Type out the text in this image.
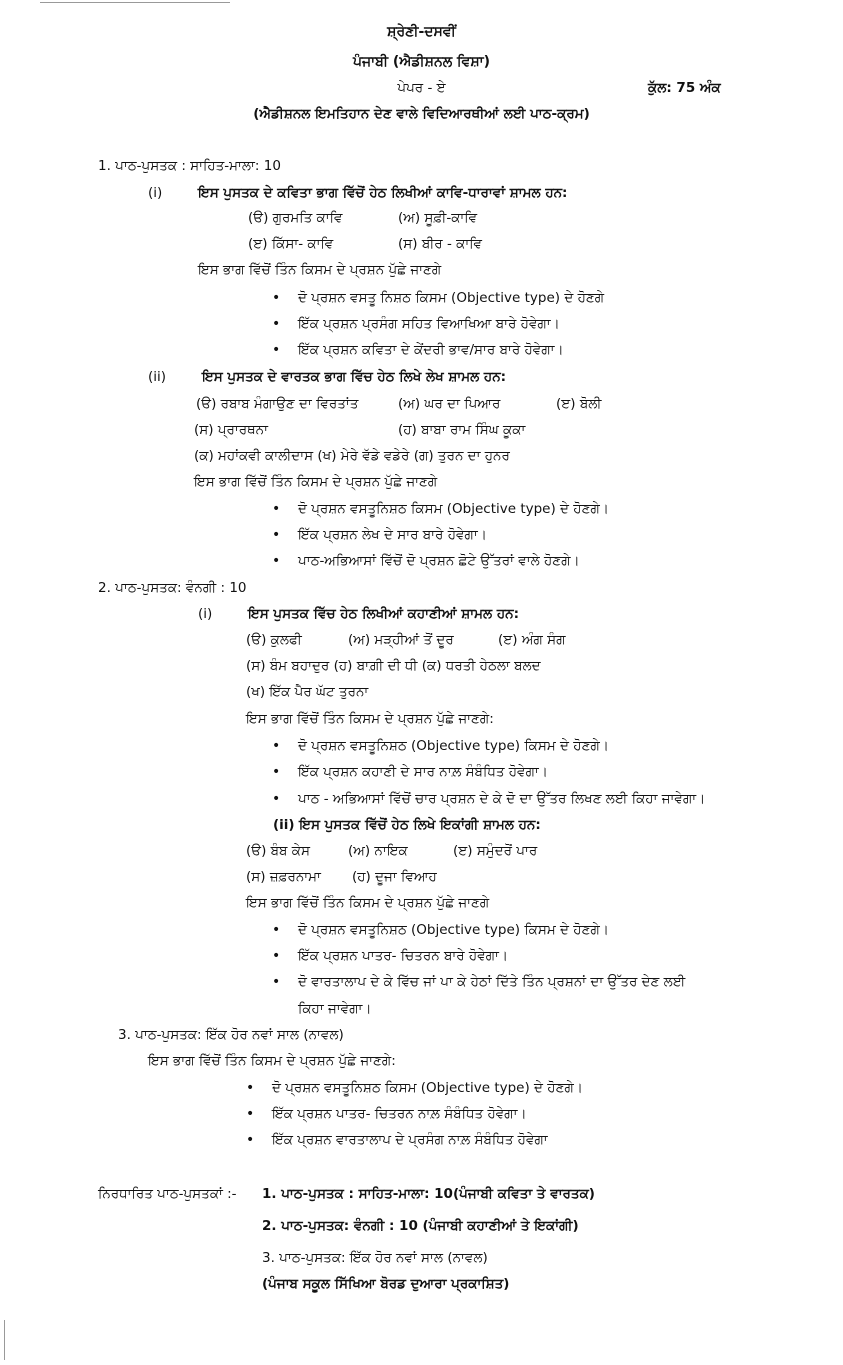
ਸ਼੍ਰੇਣੀ-ਦਸਵੀਂ
ਪੰਜਾਬੀ (ਐਡੀਸ਼ਨਲ ਵਿਸ਼ਾ)
ਪੇਪਰ - ਏ	ਕੁੱਲ: 75 ਅੰਕ
(ਐਡੀਸ਼ਨਲ ਇਮਤਿਹਾਨ ਦੇਣ ਵਾਲੇ ਵਿਦਿਆਰਥੀਆਂ ਲਈ ਪਾਠ-ਕ੍ਰਮ)
1. ਪਾਠ-ਪੁਸਤਕ : ਸਾਹਿਤ-ਮਾਲਾ: 10
(i)	ਇਸ ਪੁਸਤਕ ਦੇ ਕਵਿਤਾ ਭਾਗ ਵਿੱਚੋਂ ਹੇਠ ਲਿਖੀਆਂ ਕਾਵਿ-ਧਾਰਾਵਾਂ ਸ਼ਾਮਲ ਹਨ:
(ੳ) ਗੁਰਮਤਿ ਕਾਵਿ	(ਅ) ਸੂਫ਼ੀ-ਕਾਵਿ
(ੲ) ਕਿੱਸਾ- ਕਾਵਿ	(ਸ) ਬੀਰ - ਕਾਵਿ
ਇਸ ਭਾਗ ਵਿੱਚੋਂ ਤਿੰਨ ਕਿਸਮ ਦੇ ਪ੍ਰਸ਼ਨ ਪੁੱਛੇ ਜਾਣਗੇ
• ਦੋ ਪ੍ਰਸ਼ਨ ਵਸਤੂ ਨਿਸ਼ਠ ਕਿਸਮ (Objective type) ਦੇ ਹੋਣਗੇ
• ਇੱਕ ਪ੍ਰਸ਼ਨ ਪ੍ਰਸੰਗ ਸਹਿਤ ਵਿਆਖਿਆ ਬਾਰੇ ਹੋਵੇਗਾ।
• ਇੱਕ ਪ੍ਰਸ਼ਨ ਕਵਿਤਾ ਦੇ ਕੇਂਦਰੀ ਭਾਵ/ਸਾਰ ਬਾਰੇ ਹੋਵੇਗਾ।
(ii)	ਇਸ ਪੁਸਤਕ ਦੇ ਵਾਰਤਕ ਭਾਗ ਵਿੱਚ ਹੇਠ ਲਿਖੇ ਲੇਖ ਸ਼ਾਮਲ ਹਨ:
(ੳ) ਰਬਾਬ ਮੰਗਾਉਣ ਦਾ ਵਿਰਤਾਂਤ	(ਅ) ਘਰ ਦਾ ਪਿਆਰ	(ੲ) ਬੋਲੀ
(ਸ) ਪ੍ਰਾਰਥਨਾ	(ਹ) ਬਾਬਾ ਰਾਮ ਸਿੰਘ ਕੂਕਾ
(ਕ) ਮਹਾਂਕਵੀ ਕਾਲੀਦਾਸ (ਖ) ਮੇਰੇ ਵੱਡੇ ਵਡੇਰੇ (ਗ) ਤੁਰਨ ਦਾ ਹੁਨਰ
ਇਸ ਭਾਗ ਵਿੱਚੋਂ ਤਿੰਨ ਕਿਸਮ ਦੇ ਪ੍ਰਸ਼ਨ ਪੁੱਛੇ ਜਾਣਗੇ
• ਦੋ ਪ੍ਰਸ਼ਨ ਵਸਤੂਨਿਸ਼ਠ ਕਿਸਮ (Objective type) ਦੇ ਹੋਣਗੇ।
• ਇੱਕ ਪ੍ਰਸ਼ਨ ਲੇਖ ਦੇ ਸਾਰ ਬਾਰੇ ਹੋਵੇਗਾ।
• ਪਾਠ-ਅਭਿਆਸਾਂ ਵਿੱਚੋਂ ਦੋ ਪ੍ਰਸ਼ਨ ਛੋਟੇ ਉੱਤਰਾਂ ਵਾਲੇ ਹੋਣਗੇ।
2. ਪਾਠ-ਪੁਸਤਕ: ਵੰਨਗੀ : 10
(i)	ਇਸ ਪੁਸਤਕ ਵਿੱਚ ਹੇਠ ਲਿਖੀਆਂ ਕਹਾਣੀਆਂ ਸ਼ਾਮਲ ਹਨ:
(ੳ) ਕੁਲਫੀ	(ਅ) ਮੜ੍ਹੀਆਂ ਤੋਂ ਦੂਰ	(ੲ) ਅੰਗ ਸੰਗ
(ਸ) ਬੰਮ ਬਹਾਦੁਰ (ਹ) ਬਾਗ਼ੀ ਦੀ ਧੀ (ਕ) ਧਰਤੀ ਹੇਠਲਾ ਬਲਦ
(ਖ) ਇੱਕ ਪੈਰ ਘੱਟ ਤੁਰਨਾ
ਇਸ ਭਾਗ ਵਿੱਚੋਂ ਤਿੰਨ ਕਿਸਮ ਦੇ ਪ੍ਰਸ਼ਨ ਪੁੱਛੇ ਜਾਣਗੇ:
• ਦੋ ਪ੍ਰਸ਼ਨ ਵਸਤੂਨਿਸ਼ਠ (Objective type) ਕਿਸਮ ਦੇ ਹੋਣਗੇ।
• ਇੱਕ ਪ੍ਰਸ਼ਨ ਕਹਾਣੀ ਦੇ ਸਾਰ ਨਾਲ਼ ਸੰਬੰਧਿਤ ਹੋਵੇਗਾ।
• ਪਾਠ - ਅਭਿਆਸਾਂ ਵਿੱਚੋਂ ਚਾਰ ਪ੍ਰਸ਼ਨ ਦੇ ਕੇ ਦੋ ਦਾ ਉੱਤਰ ਲਿਖਣ ਲਈ ਕਿਹਾ ਜਾਵੇਗਾ।
(ii) ਇਸ ਪੁਸਤਕ ਵਿੱਚੋਂ ਹੇਠ ਲਿਖੇ ਇਕਾਂਗੀ ਸ਼ਾਮਲ ਹਨ:
(ੳ) ਬੰਬ ਕੇਸ	(ਅ) ਨਾਇਕ	(ੲ) ਸਮੁੰਦਰੋਂ ਪਾਰ
(ਸ) ਜ਼ਫ਼ਰਨਾਮਾ (ਹ) ਦੂਜਾ ਵਿਆਹ
ਇਸ ਭਾਗ ਵਿੱਚੋਂ ਤਿੰਨ ਕਿਸਮ ਦੇ ਪ੍ਰਸ਼ਨ ਪੁੱਛੇ ਜਾਣਗੇ
• ਦੋ ਪ੍ਰਸ਼ਨ ਵਸਤੂਨਿਸ਼ਠ (Objective type) ਕਿਸਮ ਦੇ ਹੋਣਗੇ।
• ਇੱਕ ਪ੍ਰਸ਼ਨ ਪਾਤਰ- ਚਿਤਰਨ ਬਾਰੇ ਹੋਵੇਗਾ।
• ਦੋ ਵਾਰਤਾਲਾਪ ਦੇ ਕੇ ਵਿੱਚ ਜਾਂ ਪਾ ਕੇ ਹੇਠਾਂ ਦਿੱਤੇ ਤਿੰਨ ਪ੍ਰਸ਼ਨਾਂ ਦਾ ਉੱਤਰ ਦੇਣ ਲਈ
ਕਿਹਾ ਜਾਵੇਗਾ।
3. ਪਾਠ-ਪੁਸਤਕ: ਇੱਕ ਹੋਰ ਨਵਾਂ ਸਾਲ (ਨਾਵਲ)
ਇਸ ਭਾਗ ਵਿੱਚੋਂ ਤਿੰਨ ਕਿਸਮ ਦੇ ਪ੍ਰਸ਼ਨ ਪੁੱਛੇ ਜਾਣਗੇ:
• ਦੋ ਪ੍ਰਸ਼ਨ ਵਸਤੂਨਿਸ਼ਠ ਕਿਸਮ (Objective type) ਦੇ ਹੋਣਗੇ।
• ਇੱਕ ਪ੍ਰਸ਼ਨ ਪਾਤਰ- ਚਿਤਰਨ ਨਾਲ਼ ਸੰਬੰਧਿਤ ਹੋਵੇਗਾ।
• ਇੱਕ ਪ੍ਰਸ਼ਨ ਵਾਰਤਾਲਾਪ ਦੇ ਪ੍ਰਸੰਗ ਨਾਲ਼ ਸੰਬੰਧਿਤ ਹੋਵੇਗਾ
ਨਿਰਧਾਰਿਤ ਪਾਠ-ਪੁਸਤਕਾਂ :- 1. ਪਾਠ-ਪੁਸਤਕ : ਸਾਹਿਤ-ਮਾਲਾ: 10(ਪੰਜਾਬੀ ਕਵਿਤਾ ਤੇ ਵਾਰਤਕ)
2. ਪਾਠ-ਪੁਸਤਕ: ਵੰਨਗੀ : 10 (ਪੰਜਾਬੀ ਕਹਾਣੀਆਂ ਤੇ ਇਕਾਂਗੀ)
3. ਪਾਠ-ਪੁਸਤਕ: ਇੱਕ ਹੋਰ ਨਵਾਂ ਸਾਲ (ਨਾਵਲ)
(ਪੰਜਾਬ ਸਕੂਲ ਸਿੱਖਿਆ ਬੋਰਡ ਦੁਆਰਾ ਪ੍ਰਕਾਸ਼ਿਤ)
